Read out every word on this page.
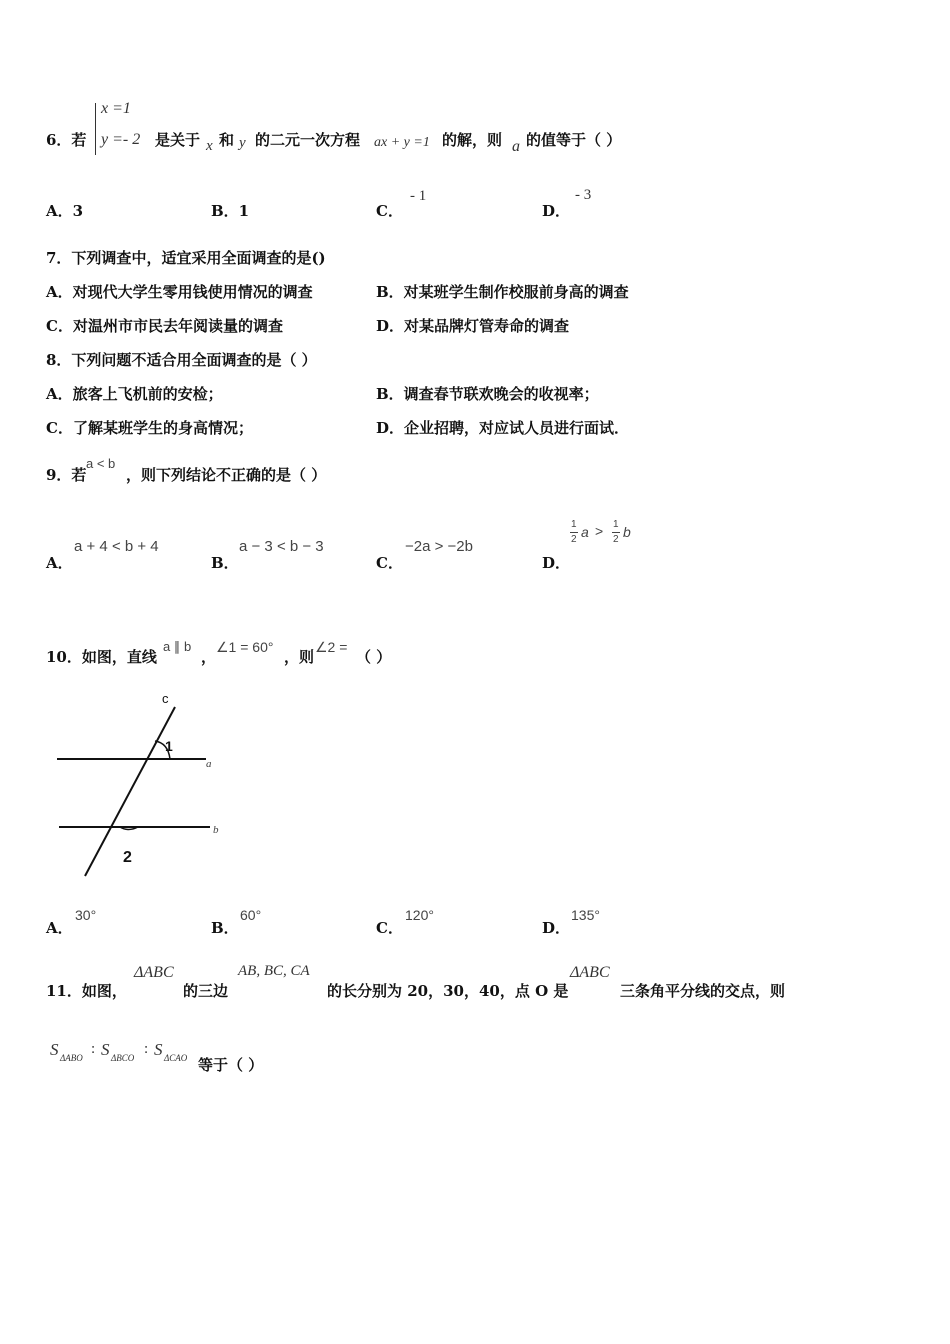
6．若
x =1
y =- 2 是关于 x 和 y 的二元一次方程 ax + y =1 的解，则 a 的值等于（ ）
A．3	B．1	C．
- 1
D．
- 3
7．下列调查中，适宜采用全面调查的是()
A．对现代大学生零用钱使用情况的调查	B．对某班学生制作校服前身高的调查
C．对温州市市民去年阅读量的调查	D．对某品牌灯管寿命的调查
8．下列问题不适合用全面调查的是（ ）
A．旅客上飞机前的安检；	B．调查春节联欢晚会的收视率；
C．了解某班学生的身高情况；	D．企业招聘，对应试人员进行面试．
9．若
a < b
，则下列结论不正确的是（ ）
A．
a + 4 < b + 4
B．
a − 3 < b − 3
C．
−2a > −2b
D．
1
2 a > 1
2 b
10．如图，直线
a ∥ b
，
∠1 = 60°
，则
∠2 =
（ ）
c
a
b
1
2
A．
30°
B．
60°
C．
120°
D．
135°
11．如图，
ΔABC
的三边
AB, BC, CA
的长分别为 20，30，40，点 O 是
ΔABC
三条角平分线的交点，则
S ΔABO
: S ΔBCO
: S ΔCAO 等于（ ）
